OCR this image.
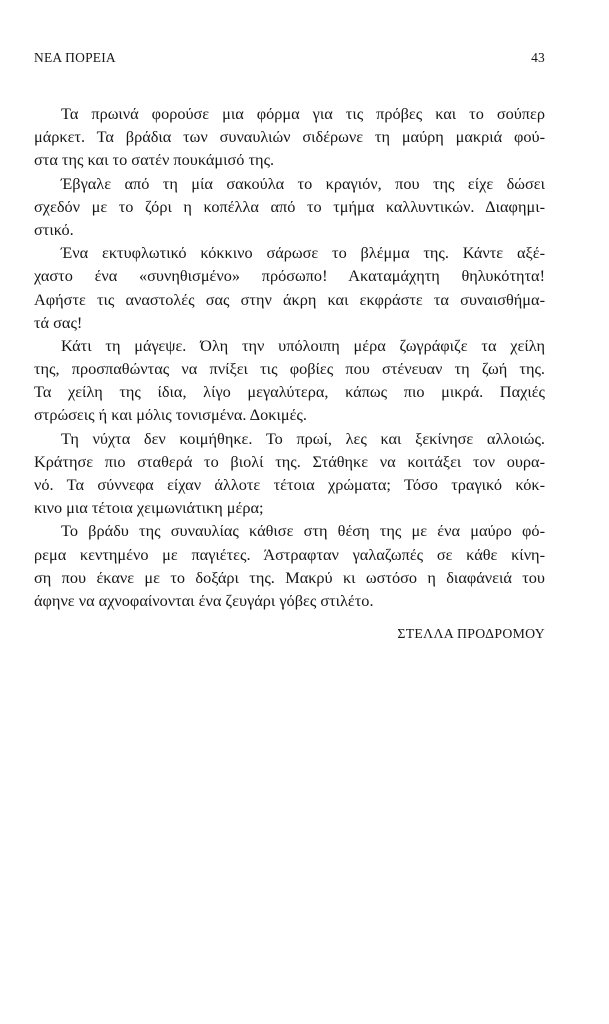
ΝΕΑ ΠΟΡΕΙΑ	43
Τα πρωινά φορούσε μια φόρμα για τις πρόβες και το σούπερ
μάρκετ. Τα βράδια των συναυλιών σιδέρωνε τη μαύρη μακριά φού-
στα της και το σατέν πουκάμισό της.
Έβγαλε από τη μία σακούλα το κραγιόν, που της είχε δώσει
σχεδόν με το ζόρι η κοπέλλα από το τμήμα καλλυντικών. Διαφημι-
στικό.
Ένα εκτυφλωτικό κόκκινο σάρωσε το βλέμμα της. Κάντε αξέ-
χαστο ένα «συνηθισμένο» πρόσωπο! Ακαταμάχητη θηλυκότητα!
Αφήστε τις αναστολές σας στην άκρη και εκφράστε τα συναισθήμα-
τά σας!
Κάτι τη μάγεψε. Όλη την υπόλοιπη μέρα ζωγράφιζε τα χείλη
της, προσπαθώντας να πνίξει τις φοβίες που στένευαν τη ζωή της.
Τα χείλη της ίδια, λίγο μεγαλύτερα, κάπως πιο μικρά. Παχιές
στρώσεις ή και μόλις τονισμένα. Δοκιμές.
Τη νύχτα δεν κοιμήθηκε. Το πρωί, λες και ξεκίνησε αλλοιώς.
Κράτησε πιο σταθερά το βιολί της. Στάθηκε να κοιτάξει τον ουρα-
νό. Τα σύννεφα είχαν άλλοτε τέτοια χρώματα; Τόσο τραγικό κόκ-
κινο μια τέτοια χειμωνιάτικη μέρα;
Το βράδυ της συναυλίας κάθισε στη θέση της με ένα μαύρο φό-
ρεμα κεντημένο με παγιέτες. Άστραφταν γαλαζωπές σε κάθε κίνη-
ση που έκανε με το δοξάρι της. Μακρύ κι ωστόσο η διαφάνειά του
άφηνε να αχνοφαίνονται ένα ζευγάρι γόβες στιλέτο.
ΣΤΕΛΛΑ ΠΡΟΔΡΟΜΟΥ
